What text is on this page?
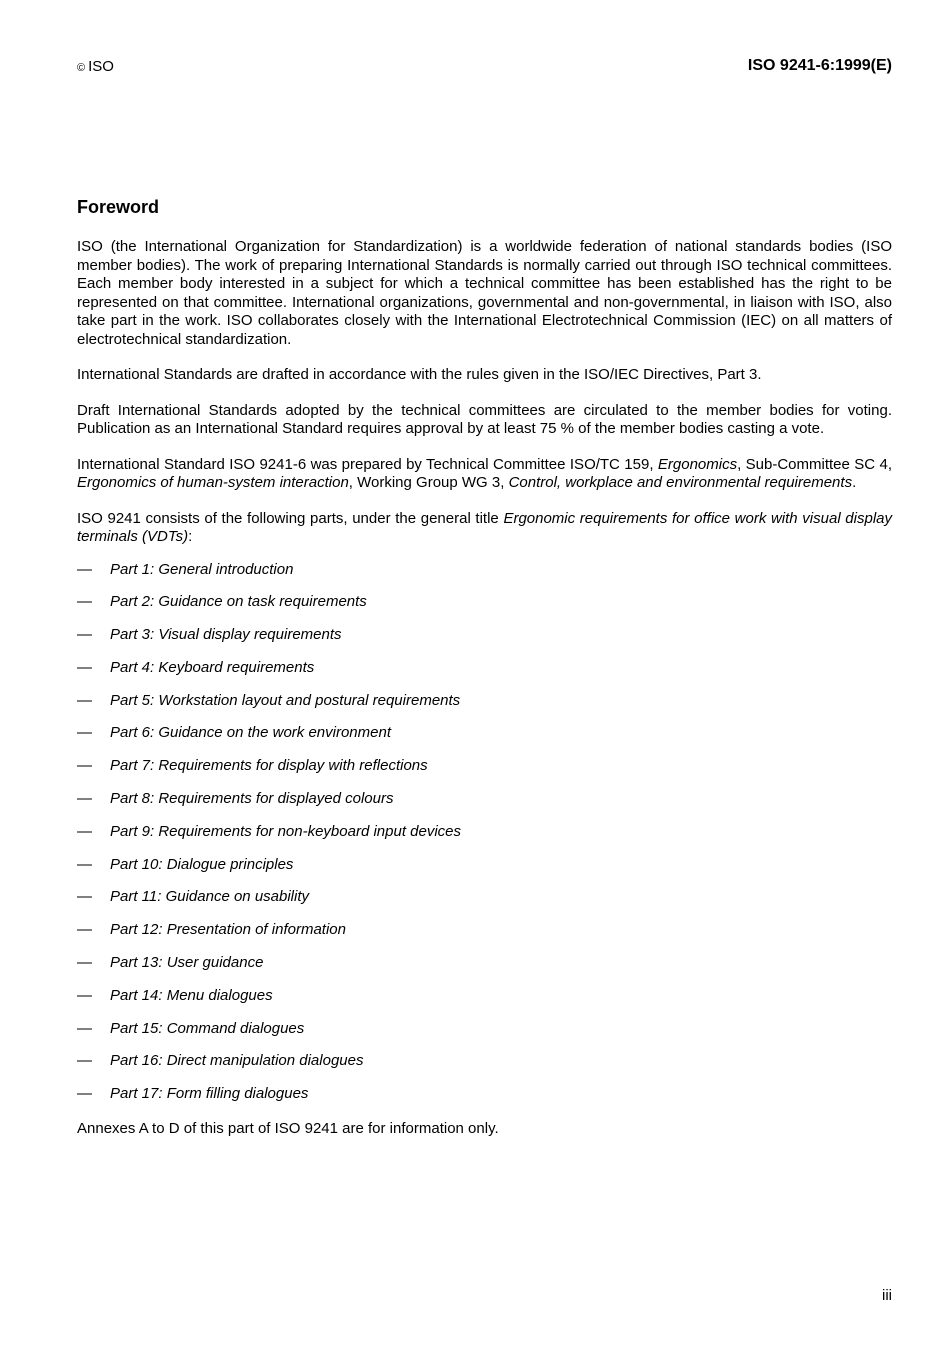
© ISO	ISO 9241-6:1999(E)
Foreword

ISO (the International Organization for Standardization) is a worldwide federation of national standards bodies (ISO member bodies). The work of preparing International Standards is normally carried out through ISO technical committees. Each member body interested in a subject for which a technical committee has been established has the right to be represented on that committee. International organizations, governmental and non-governmental, in liaison with ISO, also take part in the work. ISO collaborates closely with the International Electrotechnical Commission (IEC) on all matters of electrotechnical standardization.

International Standards are drafted in accordance with the rules given in the ISO/IEC Directives, Part 3.

Draft International Standards adopted by the technical committees are circulated to the member bodies for voting. Publication as an International Standard requires approval by at least 75 % of the member bodies casting a vote.

International Standard ISO 9241-6 was prepared by Technical Committee ISO/TC 159, Ergonomics, Sub-Committee SC 4, Ergonomics of human-system interaction, Working Group WG 3, Control, workplace and environmental requirements.

ISO 9241 consists of the following parts, under the general title Ergonomic requirements for office work with visual display terminals (VDTs):

—	Part 1: General introduction
—	Part 2: Guidance on task requirements
—	Part 3: Visual display requirements
—	Part 4: Keyboard requirements
—	Part 5: Workstation layout and postural requirements
—	Part 6: Guidance on the work environment
—	Part 7: Requirements for display with reflections
—	Part 8: Requirements for displayed colours
—	Part 9: Requirements for non-keyboard input devices
—	Part 10: Dialogue principles
—	Part 11: Guidance on usability
—	Part 12: Presentation of information
—	Part 13: User guidance
—	Part 14: Menu dialogues
—	Part 15: Command dialogues
—	Part 16: Direct manipulation dialogues
—	Part 17: Form filling dialogues

Annexes A to D of this part of ISO 9241 are for information only.

iii
